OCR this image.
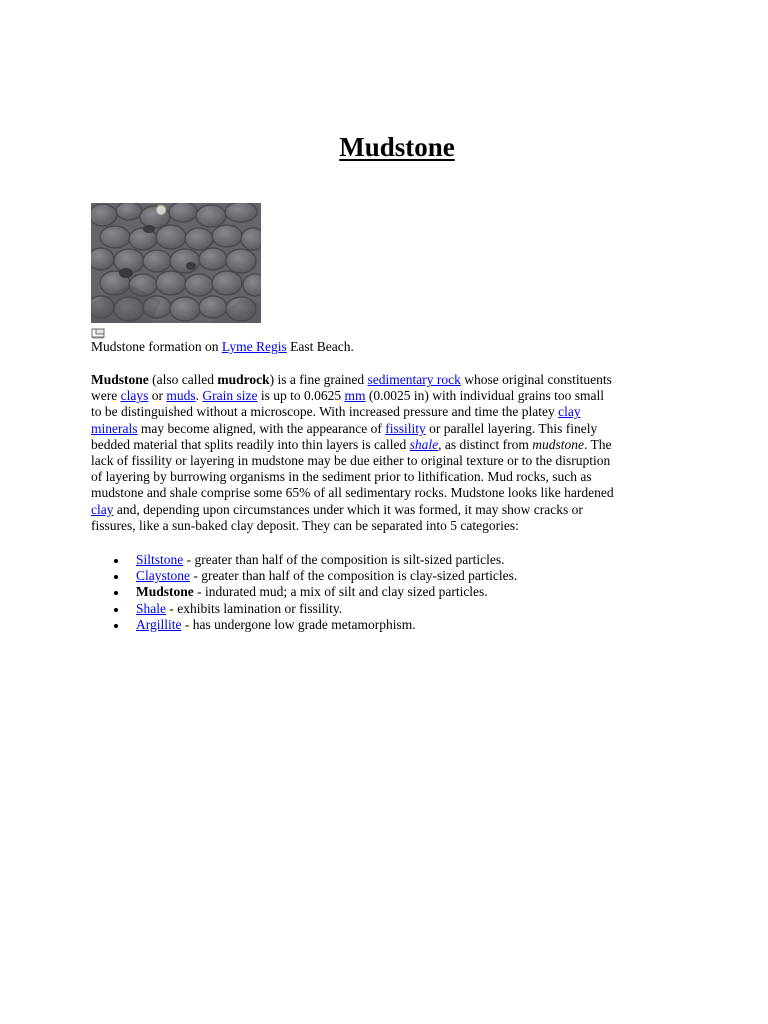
Mudstone

Mudstone formation on Lyme Regis East Beach.

Mudstone (also called mudrock) is a fine grained sedimentary rock whose original constituents
were clays or muds. Grain size is up to 0.0625 mm (0.0025 in) with individual grains too small
to be distinguished without a microscope. With increased pressure and time the platey clay
minerals may become aligned, with the appearance of fissility or parallel layering. This finely
bedded material that splits readily into thin layers is called shale, as distinct from mudstone. The
lack of fissility or layering in mudstone may be due either to original texture or to the disruption
of layering by burrowing organisms in the sediment prior to lithification. Mud rocks, such as
mudstone and shale comprise some 65% of all sedimentary rocks. Mudstone looks like hardened
clay and, depending upon circumstances under which it was formed, it may show cracks or
fissures, like a sun-baked clay deposit. They can be separated into 5 categories:

Siltstone - greater than half of the composition is silt-sized particles.
Claystone - greater than half of the composition is clay-sized particles.
Mudstone - indurated mud; a mix of silt and clay sized particles.
Shale - exhibits lamination or fissility.
Argillite - has undergone low grade metamorphism.
